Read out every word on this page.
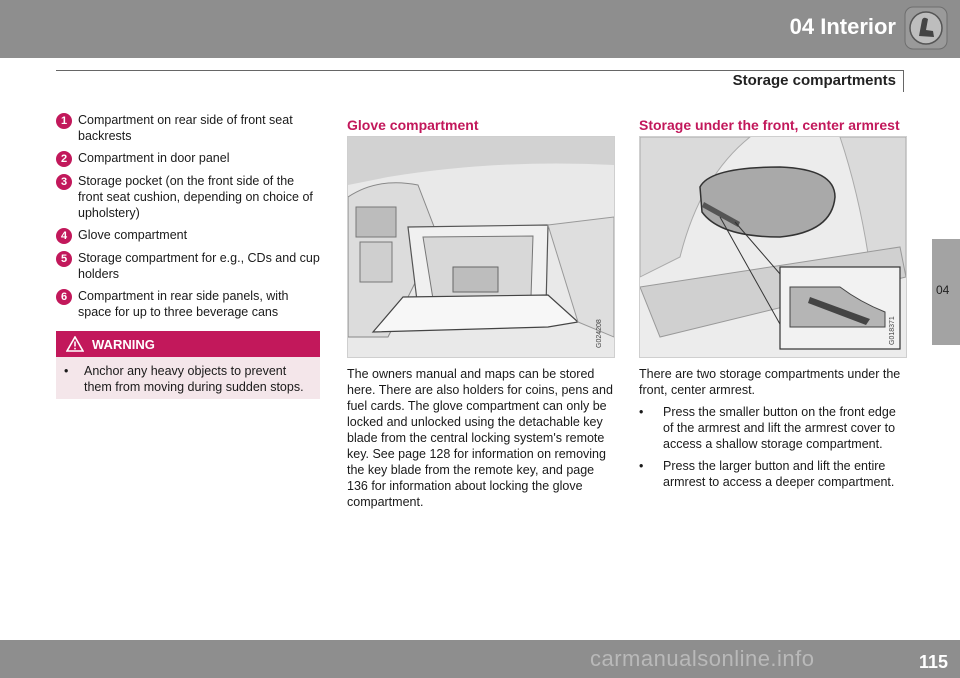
04 Interior
Storage compartments
04
1 Compartment on rear side of front seat backrests
2 Compartment in door panel
3 Storage pocket (on the front side of the front seat cushion, depending on choice of upholstery)
4 Glove compartment
5 Storage compartment for e.g., CDs and cup holders
6 Compartment in rear side panels, with space for up to three beverage cans
WARNING
•	Anchor any heavy objects to prevent them from moving during sudden stops.
Glove compartment
G024208
The owners manual and maps can be stored here. There are also holders for coins, pens and fuel cards. The glove compartment can only be locked and unlocked using the detachable key blade from the central locking system's remote key. See page 128 for information on removing the key blade from the remote key, and page 136 for information about locking the glove compartment.
Storage under the front, center armrest
G018371
There are two storage compartments under the front, center armrest.
•	Press the smaller button on the front edge of the armrest and lift the armrest cover to access a shallow storage compartment.
•	Press the larger button and lift the entire armrest to access a deeper compartment.
carmanualsonline.info	115
